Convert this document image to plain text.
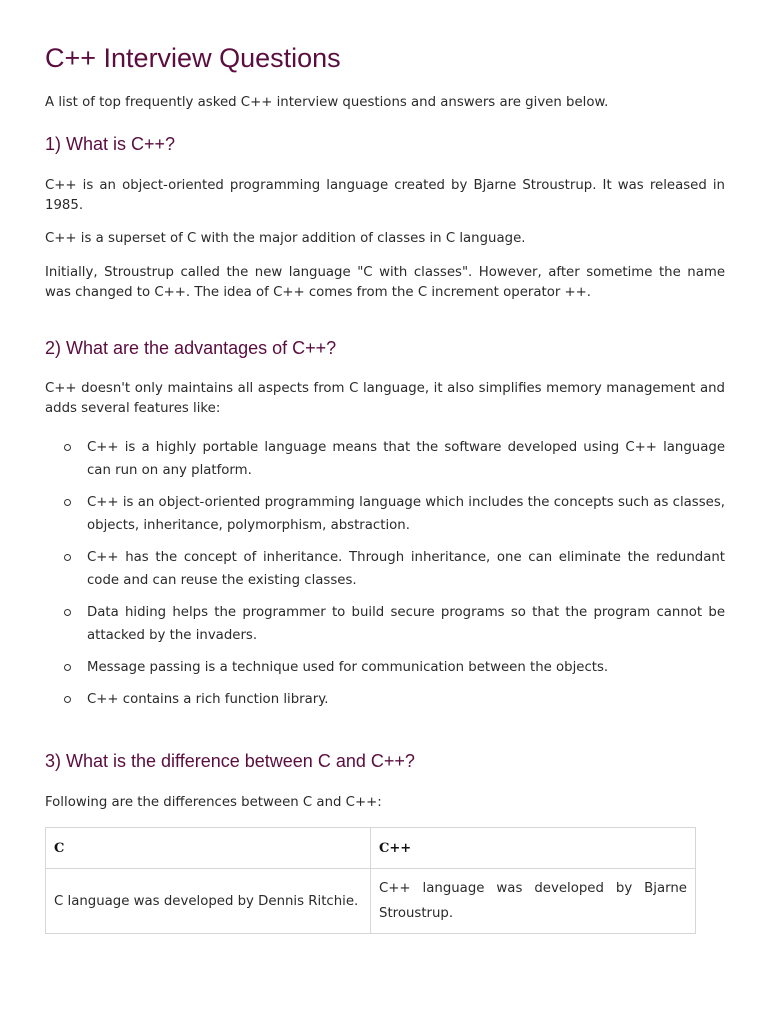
C++ Interview Questions

A list of top frequently asked C++ interview questions and answers are given below.

1) What is C++?

C++ is an object-oriented programming language created by Bjarne Stroustrup. It was released in 1985.

C++ is a superset of C with the major addition of classes in C language.

Initially, Stroustrup called the new language "C with classes". However, after sometime the name was changed to C++. The idea of C++ comes from the C increment operator ++.

2) What are the advantages of C++?

C++ doesn't only maintains all aspects from C language, it also simplifies memory management and adds several features like:

C++ is a highly portable language means that the software developed using C++ language can run on any platform.
C++ is an object-oriented programming language which includes the concepts such as classes, objects, inheritance, polymorphism, abstraction.
C++ has the concept of inheritance. Through inheritance, one can eliminate the redundant code and can reuse the existing classes.
Data hiding helps the programmer to build secure programs so that the program cannot be attacked by the invaders.
Message passing is a technique used for communication between the objects.
C++ contains a rich function library.
3) What is the difference between C and C++?

Following are the differences between C and C++:

C	C++
C language was developed by Dennis Ritchie.	C++ language was developed by Bjarne Stroustrup.
